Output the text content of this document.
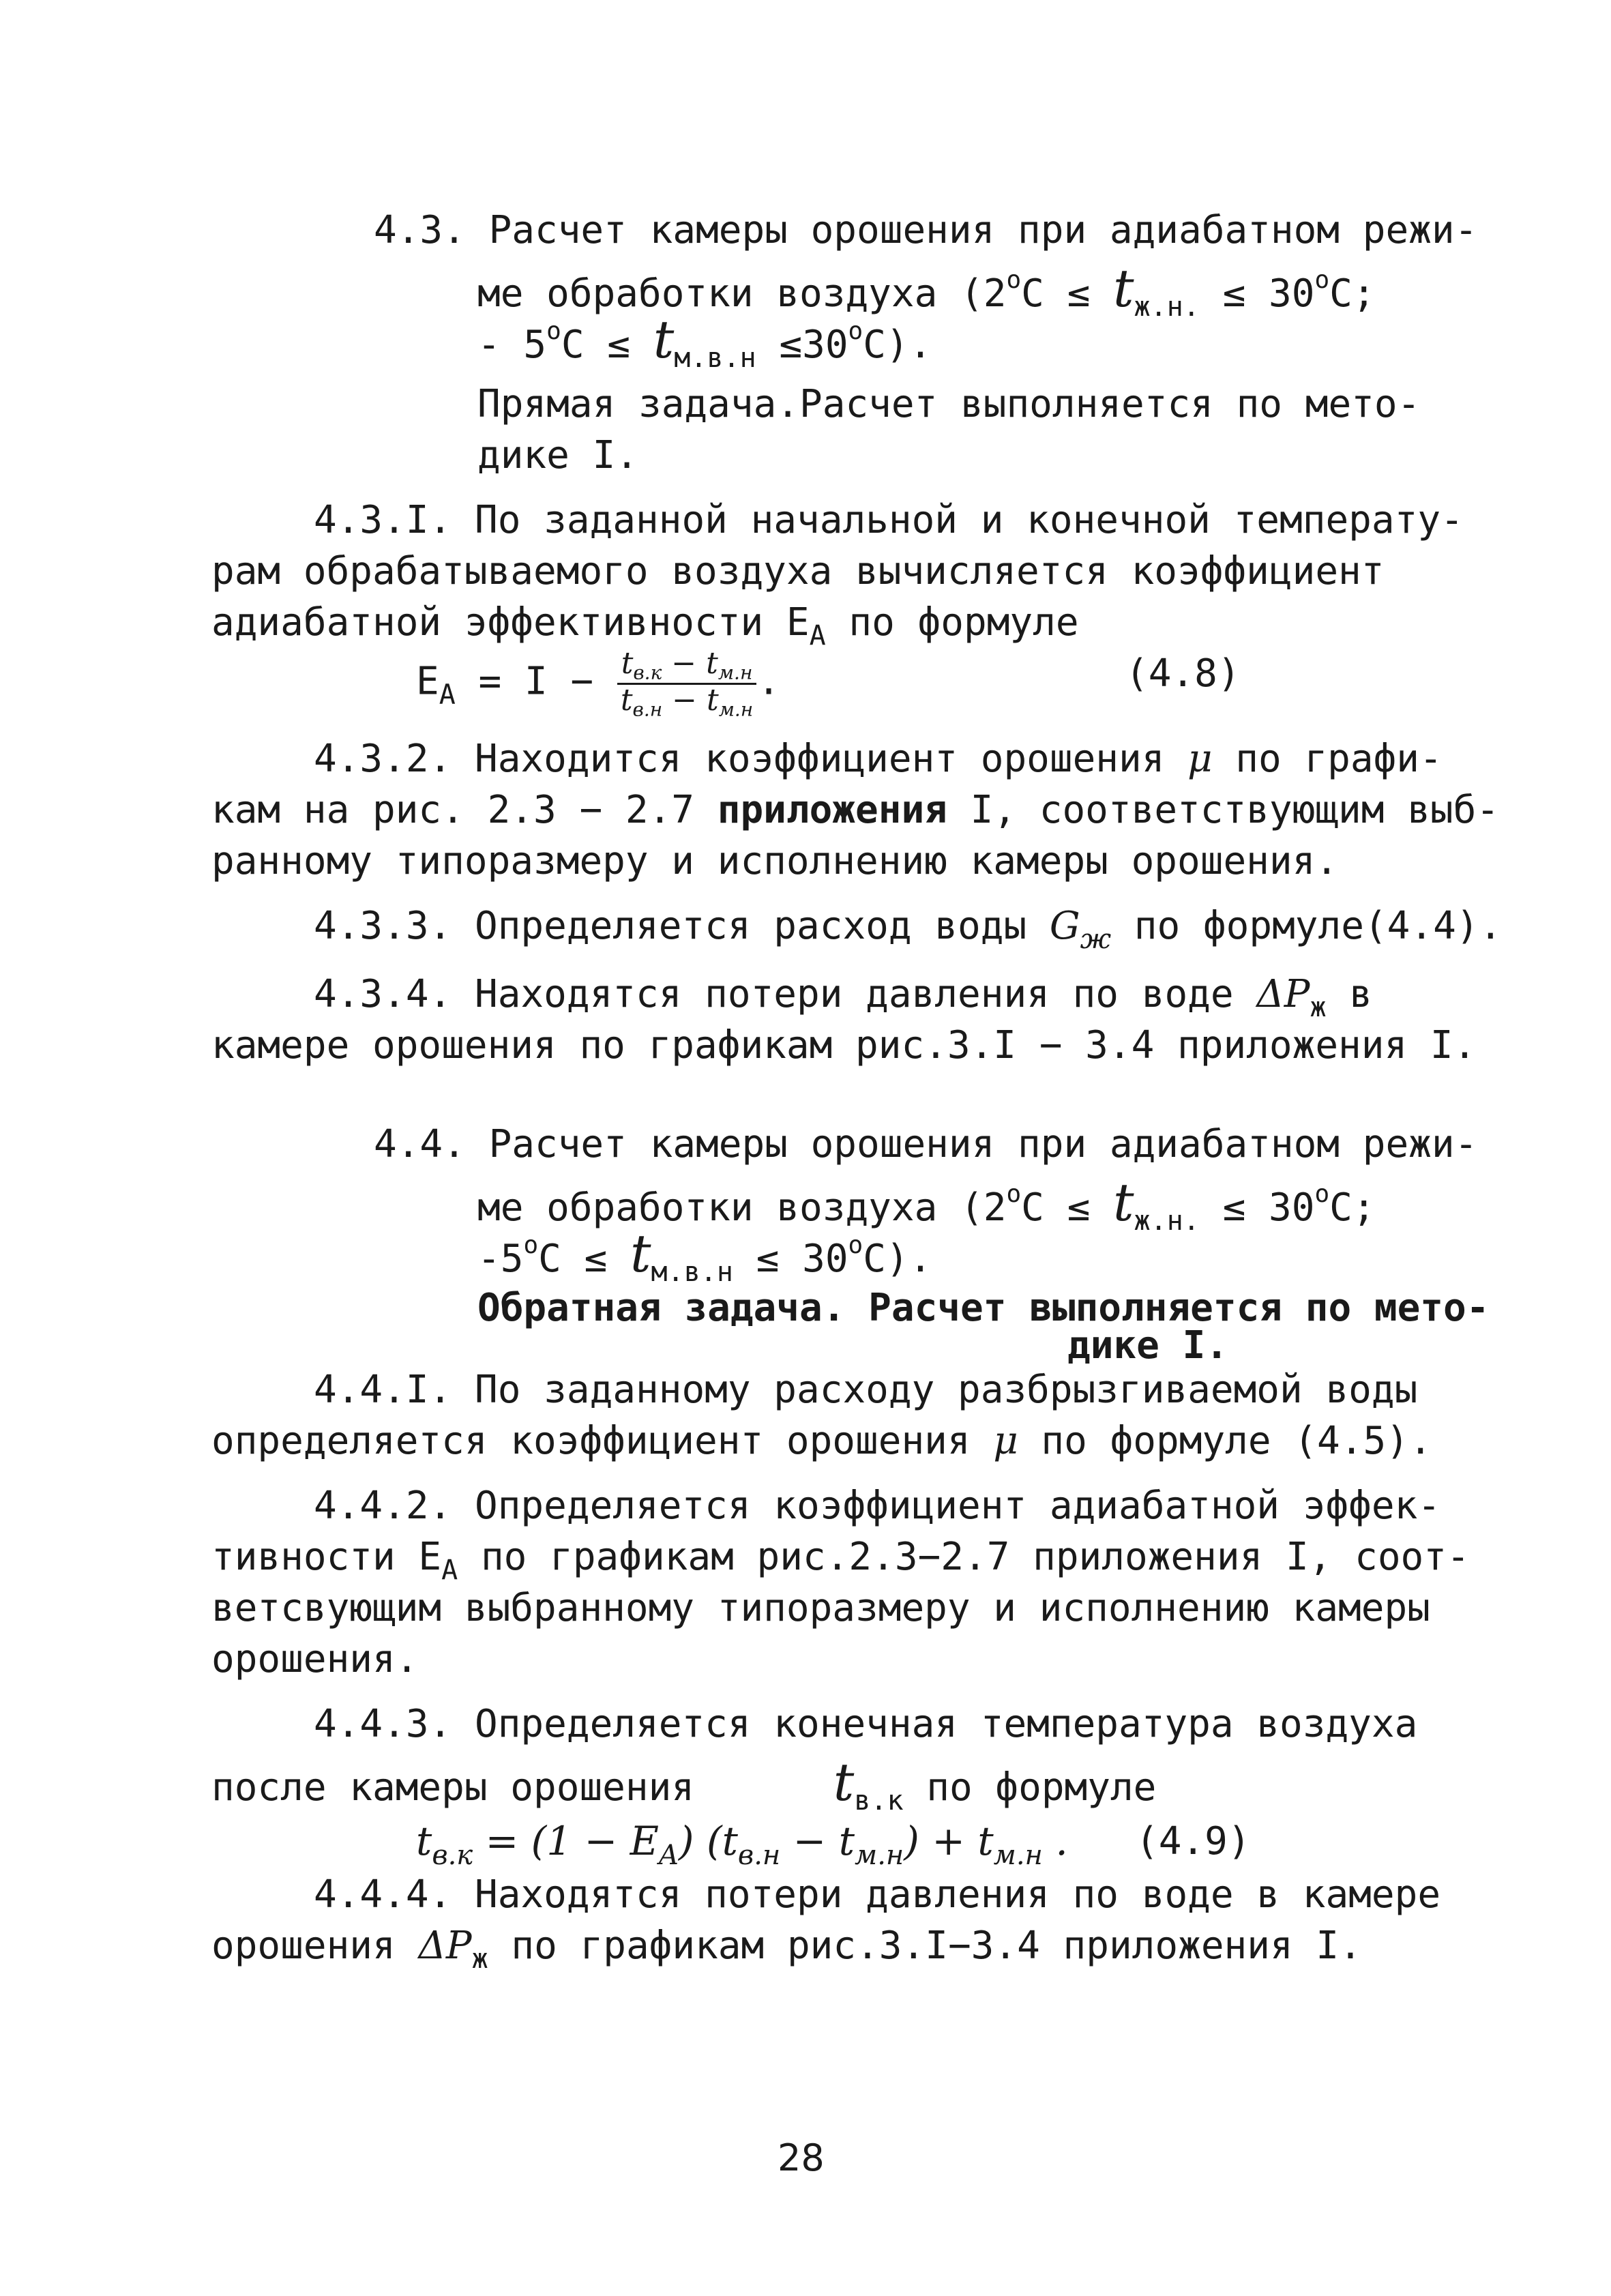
4.3. Расчет камеры орошения при адиабатном режи-
ме обработки воздуха ($2^oC \le t_{ж.н.} \le 30^oC$;
- $5^oC \le t_{м.в.н} \le 30^oC$).
Прямая задача.Расчет выполняется по мето-
дике I.
4.3.I. По заданной начальной и конечной температу-
рам обрабатываемого воздуха вычисляется коэффициент
адиабатной эффективности $E_A$ по формуле
$E_A = I - \frac{tв.к - tм.н}{tв.н - tм.н}$ .	(4.8)
4.3.2. Находится коэффициент орошения μ по графи-
кам на рис. 2.3 − 2.7 приложения I, соответствующим выб-
ранному типоразмеру и исполнению камеры орошения.
4.3.3. Определяется расход воды $G_ж$ по формуле(4.4).
4.3.4. Находятся потери давления по воде $\Delta P_ж$ в
камере орошения по графикам рис.3.I − 3.4 приложения I.
4.4. Расчет камеры орошения при адиабатном режи-
ме обработки воздуха ($2^oC \le t_{ж.н.} \le 30^oC$;
$-5^oC \le t_{м.в.н} \le 30^oC$).
Обратная задача. Расчет выполняется по мето-
дике I.
4.4.I. По заданному расходу разбрызгиваемой воды
определяется коэффициент орошения μ по формуле (4.5).
4.4.2. Определяется коэффициент адиабатной эффек-
тивности $E_A$ по графикам рис.2.3−2.7 приложения I, соот-
ветсвующим выбранному типоразмеру и исполнению камеры
орошения.
4.4.3. Определяется конечная температура воздуха
после камеры орошения $t_{в.к}$ по формуле
$t_{в.к} = (1 - E_A) (t_{в.н} - t_{м.н}) + t_{м.н}$ . (4.9)
4.4.4. Находятся потери давления по воде в камере
орошения $\Delta P_ж$ по графикам рис.3.I−3.4 приложения I.
28
